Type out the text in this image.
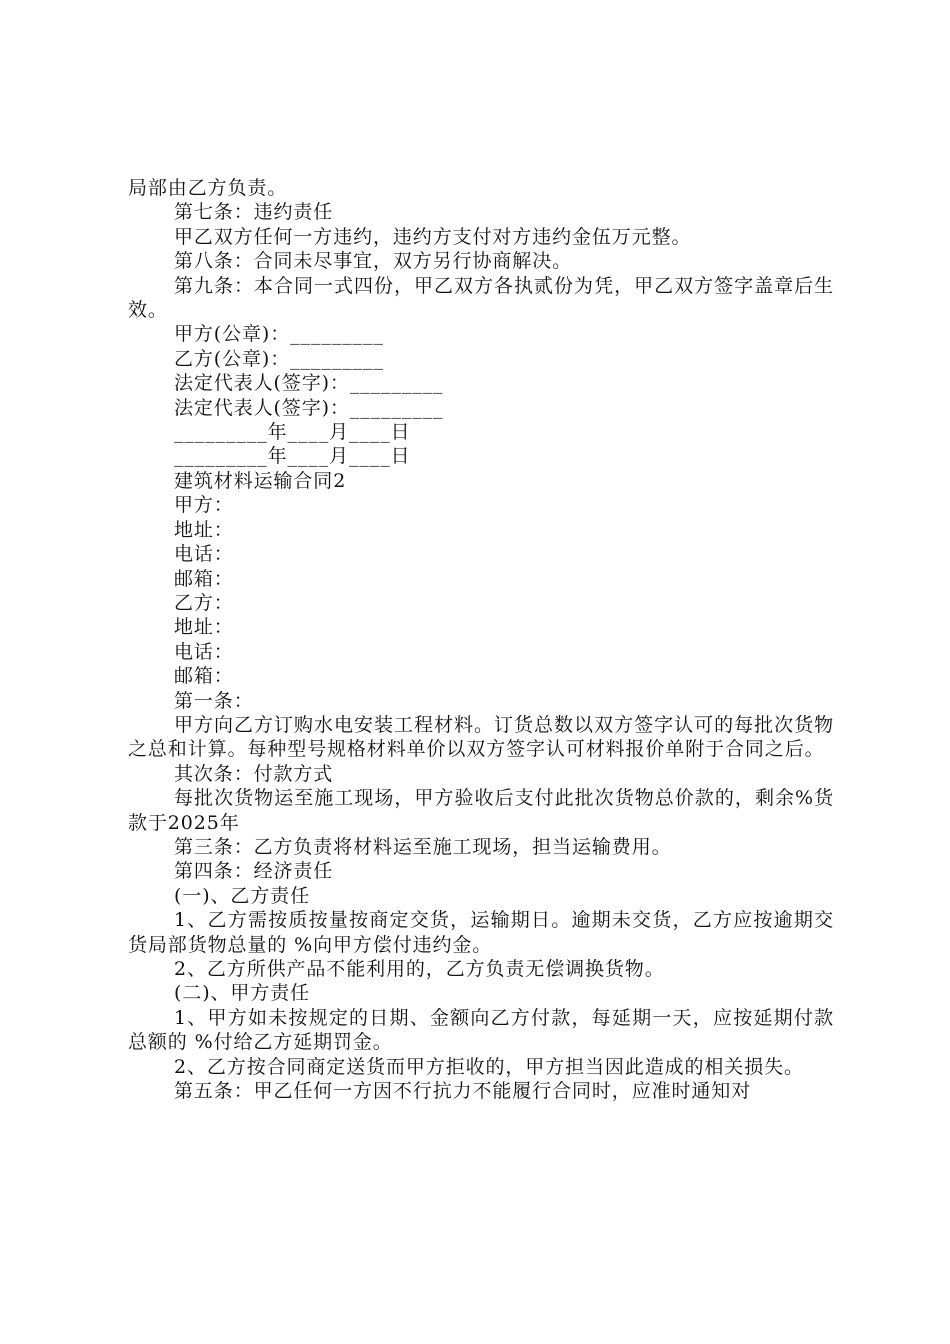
局部由乙方负责。

第七条：违约责任

甲乙双方任何一方违约，违约方支付对方违约金伍万元整。

第八条：合同未尽事宜，双方另行协商解决。

第九条：本合同一式四份，甲乙双方各执贰份为凭，甲乙双方签字盖章后生效。

甲方(公章)：_________

乙方(公章)：_________

法定代表人(签字)：_________

法定代表人(签字)：_________

_________年____月____日

_________年____月____日

建筑材料运输合同2

甲方：

地址：

电话：

邮箱：

乙方：

地址：

电话：

邮箱：

第一条：

甲方向乙方订购水电安装工程材料。订货总数以双方签字认可的每批次货物之总和计算。每种型号规格材料单价以双方签字认可材料报价单附于合同之后。

其次条：付款方式

每批次货物运至施工现场，甲方验收后支付此批次货物总价款的，剩余%货款于2025年

第三条：乙方负责将材料运至施工现场，担当运输费用。

第四条：经济责任

(一)、乙方责任

1、乙方需按质按量按商定交货，运输期日。逾期未交货，乙方应按逾期交货局部货物总量的 %向甲方偿付违约金。

2、乙方所供产品不能利用的，乙方负责无偿调换货物。

(二)、甲方责任

1、甲方如未按规定的日期、金额向乙方付款，每延期一天，应按延期付款总额的 %付给乙方延期罚金。

2、乙方按合同商定送货而甲方拒收的，甲方担当因此造成的相关损失。

第五条：甲乙任何一方因不行抗力不能履行合同时，应准时通知对
